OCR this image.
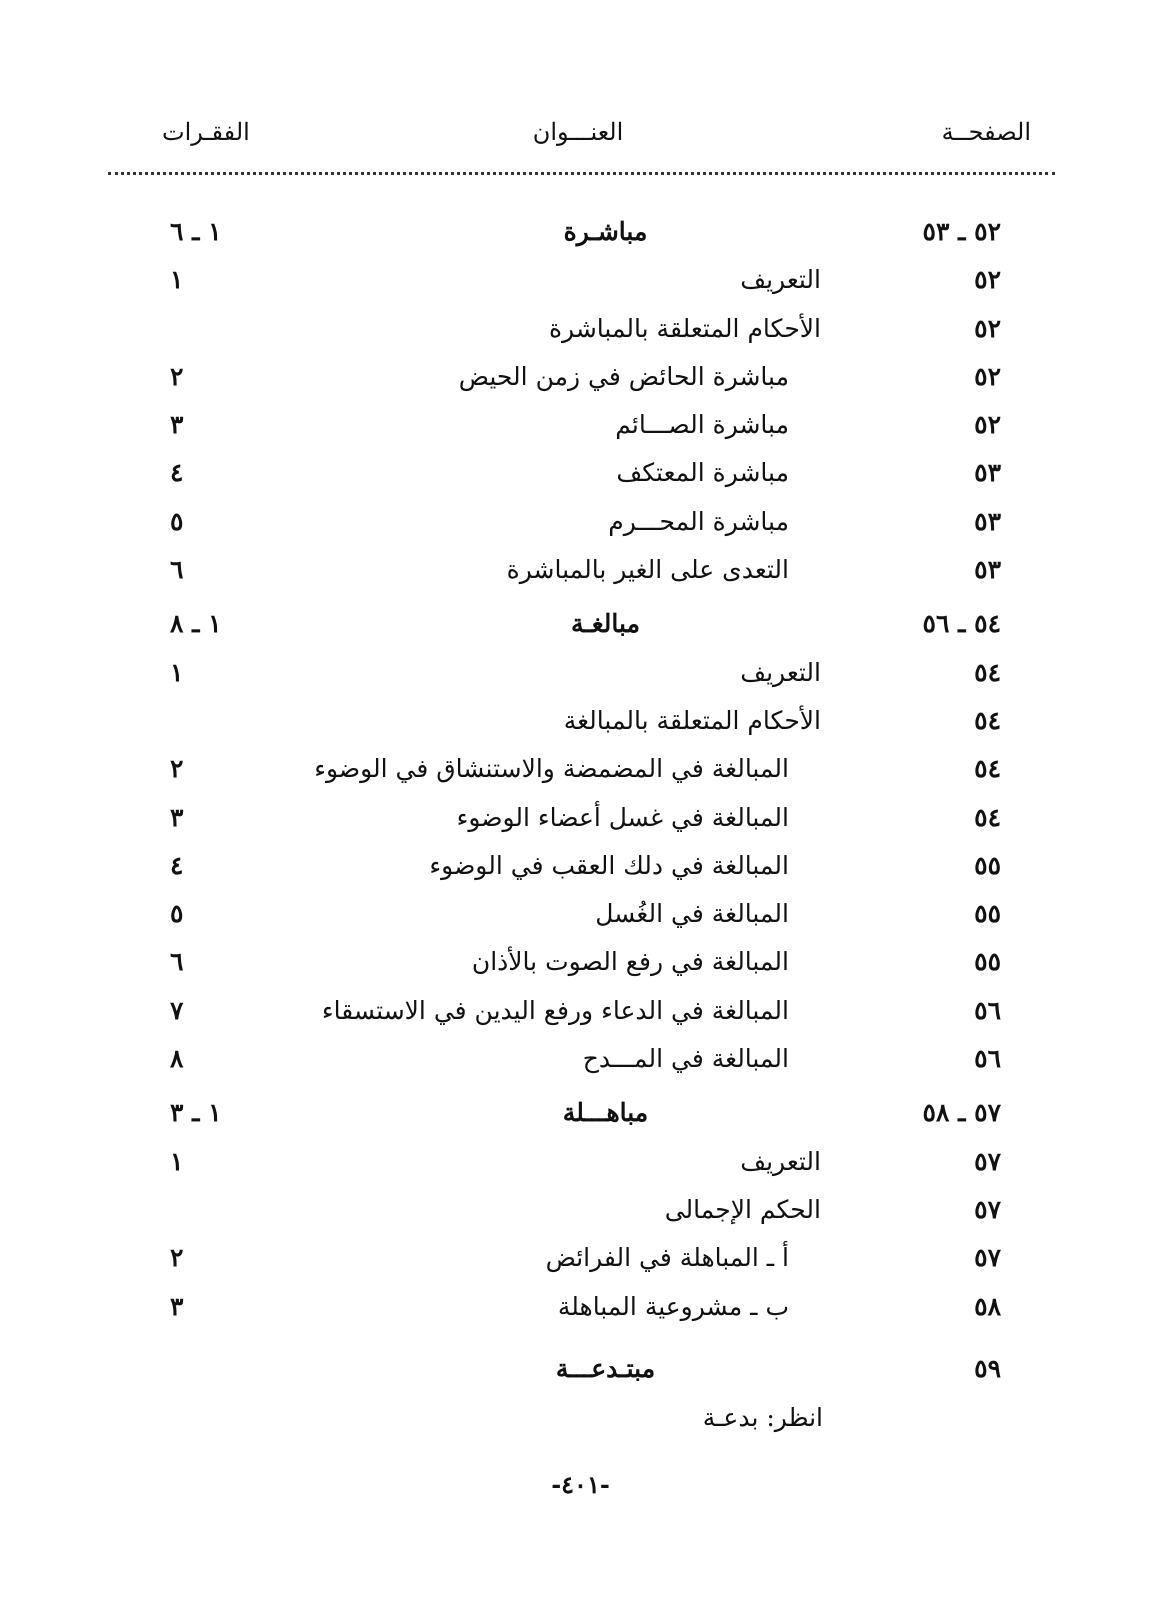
الصفحــة
العنـــوان
الفقـرات
٥٢ ـ ٥٣
مباشـرة
١ ـ ٦
٥٢
التعريف
١
٥٢
الأحكام المتعلقة بالمباشرة
٥٢
مباشرة الحائض في زمن الحيض
٢
٥٢
مباشرة الصـــائم
٣
٥٣
مباشرة المعتكف
٤
٥٣
مباشرة المحـــرم
٥
٥٣
التعدى على الغير بالمباشرة
٦
٥٤ ـ ٥٦
مبالغـة
١ ـ ٨
٥٤
التعريف
١
٥٤
الأحكام المتعلقة بالمبالغة
٥٤
المبالغة في المضمضة والاستنشاق في الوضوء
٢
٥٤
المبالغة في غسل أعضاء الوضوء
٣
٥٥
المبالغة في دلك العقب في الوضوء
٤
٥٥
المبالغة في الغُسل
٥
٥٥
المبالغة في رفع الصوت بالأذان
٦
٥٦
المبالغة في الدعاء ورفع اليدين في الاستسقاء
٧
٥٦
المبالغة في المـــدح
٨
٥٧ ـ ٥٨
مباهـــلة
١ ـ ٣
٥٧
التعريف
١
٥٧
الحكم الإجمالى
٥٧
أ ـ المباهلة في الفرائض
٢
٥٨
ب ـ مشروعية المباهلة
٣
٥٩
مبتـدعـــة
انظر: بدعـة
-٤٠١-
